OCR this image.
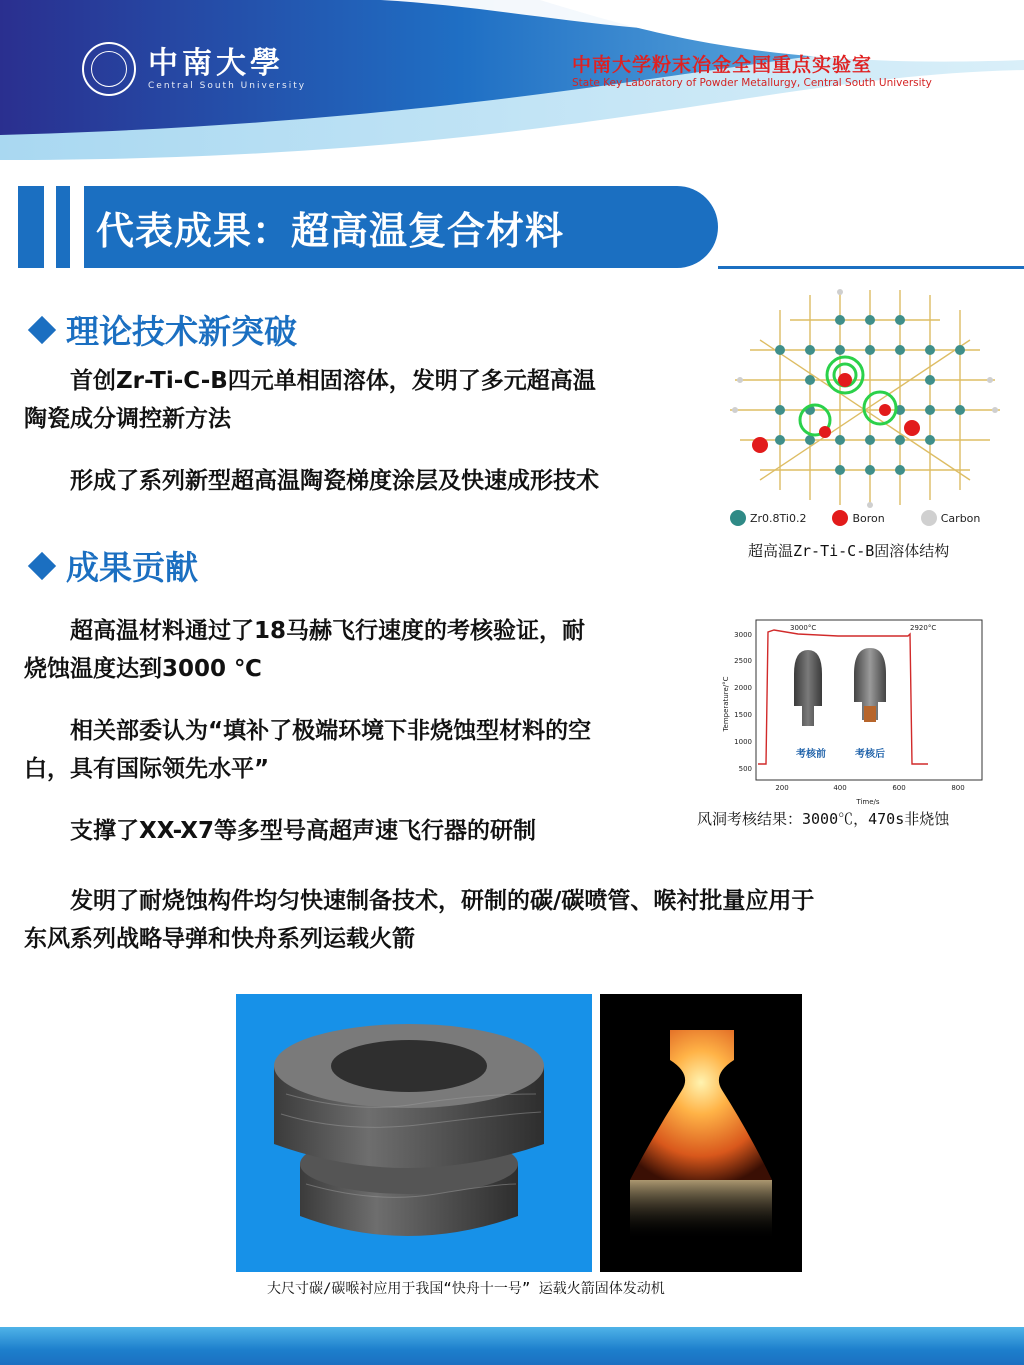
中南大學
Central South University
中南大学粉末冶金全国重点实验室
State Key Laboratory of Powder Metallurgy, Central South University
代表成果：超高温复合材料
理论技术新突破
　　首创Zr-Ti-C-B四元单相固溶体，发明了多元超高温
陶瓷成分调控新方法
　　形成了系列新型超高温陶瓷梯度涂层及快速成形技术
Zr0.8Ti0.2	Boron	Carbon
超高温Zr-Ti-C-B固溶体结构
成果贡献
　　超高温材料通过了18马赫飞行速度的考核验证，耐
烧蚀温度达到3000 ℃
　　相关部委认为“填补了极端环境下非烧蚀型材料的空
白，具有国际领先水平”
　　支撑了XX-X7等多型号高超声速飞行器的研制
　　发明了耐烧蚀构件均匀快速制备技术，研制的碳/碳喷管、喉衬批量应用于
东风系列战略导弹和快舟系列运载火箭
3000
2500
2000
1500
1000
500
200	400	600	800
Time/s
Temperature/°C
3000°C	2920°C
考核前	考核后
风洞考核结果：3000℃，470s非烧蚀
大尺寸碳/碳喉衬应用于我国“快舟十一号” 运载火箭固体发动机
